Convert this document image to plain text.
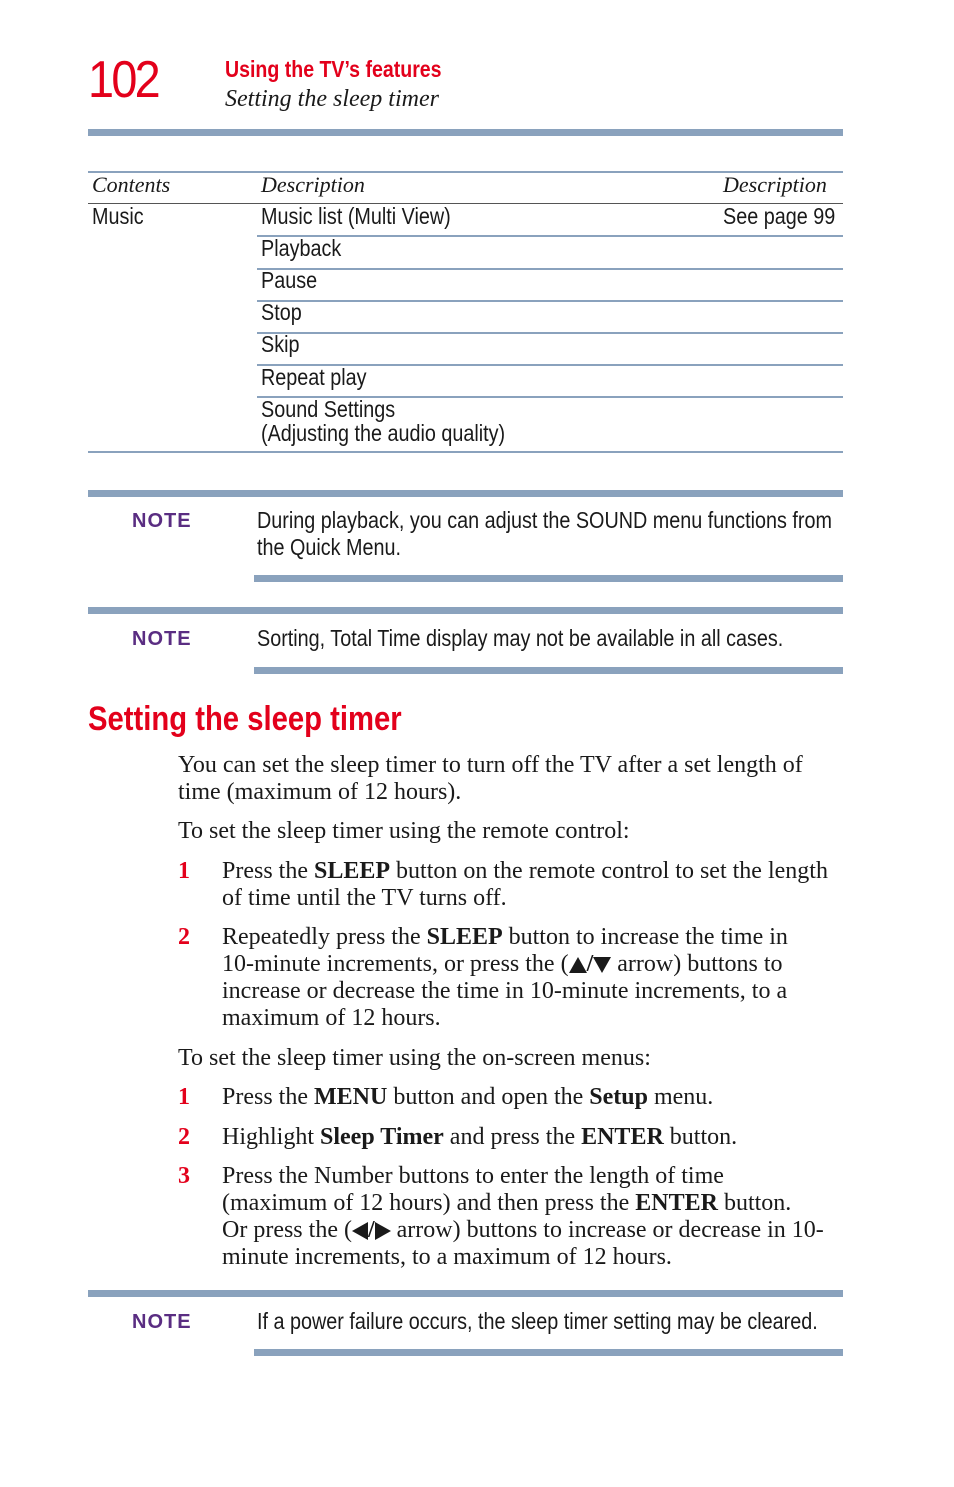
102	Using the TV’s features
Setting the sleep timer
Contents	Description	Description
Music	Music list (Multi View)	See page 99
Playback
Pause
Stop
Skip
Repeat play
Sound Settings
(Adjusting the audio quality)
NOTE	During playback, you can adjust the SOUND menu functions from
the Quick Menu.
NOTE	Sorting, Total Time display may not be available in all cases.
Setting the sleep timer
You can set the sleep timer to turn off the TV after a set length of
time (maximum of 12 hours).
To set the sleep timer using the remote control:
1 Press the SLEEP button on the remote control to set the length
of time until the TV turns off.
2 Repeatedly press the SLEEP button to increase the time in
10-minute increments, or press the ( / arrow) buttons to
increase or decrease the time in 10-minute increments, to a
maximum of 12 hours.
To set the sleep timer using the on-screen menus:
1 Press the MENU button and open the Setup menu.
2 Highlight Sleep Timer and press the ENTER button.
3 Press the Number buttons to enter the length of time
(maximum of 12 hours) and then press the ENTER button.
Or press the ( / arrow) buttons to increase or decrease in 10-
minute increments, to a maximum of 12 hours.
NOTE	If a power failure occurs, the sleep timer setting may be cleared.
